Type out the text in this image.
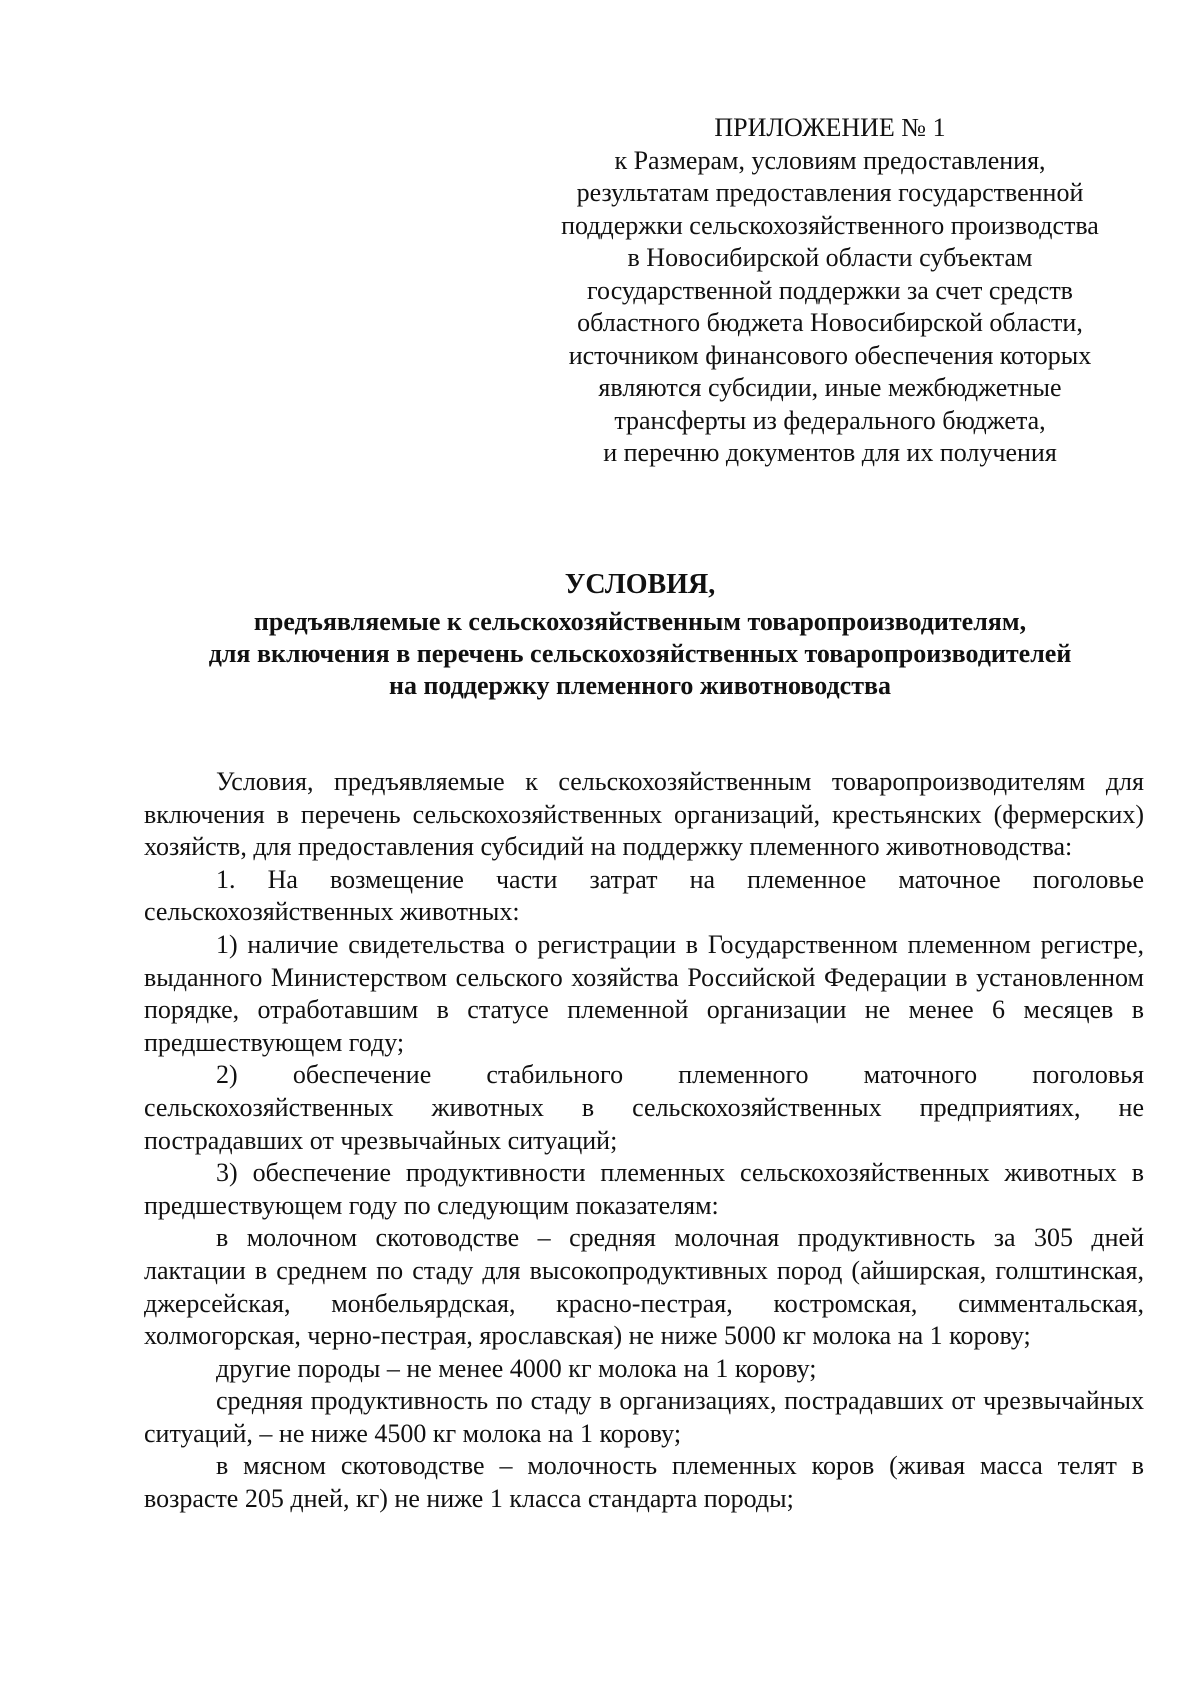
ПРИЛОЖЕНИЕ № 1

к Размерам, условиям предоставления,
результатам предоставления государственной
поддержки сельскохозяйственного производства
в Новосибирской области субъектам
государственной поддержки за счет средств
областного бюджета Новосибирской области,
источником финансового обеспечения которых
являются субсидии, иные межбюджетные
трансферты из федерального бюджета,
и перечню документов для их получения

УСЛОВИЯ,

предъявляемые к сельскохозяйственным товаропроизводителям,
для включения в перечень сельскохозяйственных товаропроизводителей
на поддержку племенного животноводства

Условия, предъявляемые к сельскохозяйственным товаропроизводителям для включения в перечень сельскохозяйственных организаций, крестьянских (фермерских) хозяйств, для предоставления субсидий на поддержку племенного животноводства:

1. На возмещение части затрат на племенное маточное поголовье сельскохозяйственных животных:

1) наличие свидетельства о регистрации в Государственном племенном регистре, выданного Министерством сельского хозяйства Российской Федерации в установленном порядке, отработавшим в статусе племенной организации не менее 6 месяцев в предшествующем году;

2) обеспечение стабильного племенного маточного поголовья сельскохозяйственных животных в сельскохозяйственных предприятиях, не пострадавших от чрезвычайных ситуаций;

3) обеспечение продуктивности племенных сельскохозяйственных животных в предшествующем году по следующим показателям:

в молочном скотоводстве – средняя молочная продуктивность за 305 дней лактации в среднем по стаду для высокопродуктивных пород (айширская, голштинская, джерсейская, монбельярдская, красно-пестрая, костромская, симментальская, холмогорская, черно-пестрая, ярославская) не ниже 5000 кг молока на 1 корову;

другие породы – не менее 4000 кг молока на 1 корову;

средняя продуктивность по стаду в организациях, пострадавших от чрезвычайных ситуаций, – не ниже 4500 кг молока на 1 корову;

в мясном скотоводстве – молочность племенных коров (живая масса телят в возрасте 205 дней, кг) не ниже 1 класса стандарта породы;
